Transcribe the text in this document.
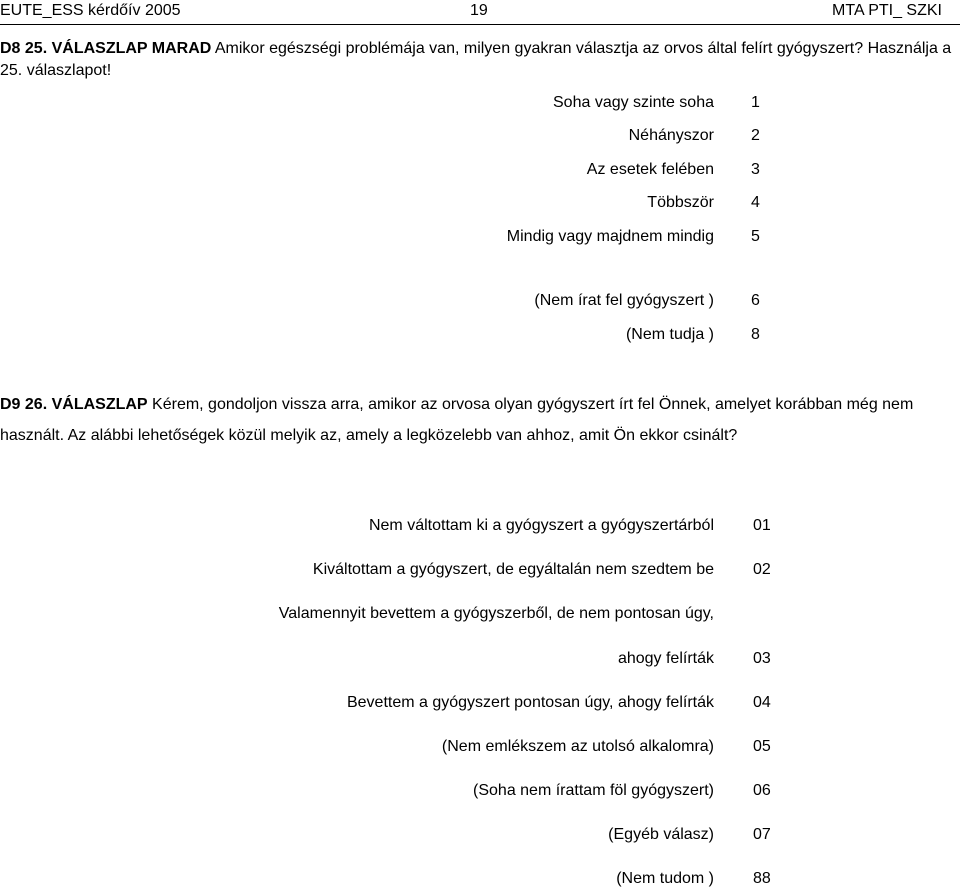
EUTE_ESS kérdőív 2005	19	MTA PTI_ SZKI
D8 25. VÁLASZLAP MARAD Amikor egészségi problémája van, milyen gyakran választja az orvos által felírt gyógyszert? Használja a 25. válaszlapot!
Soha vagy szinte soha 1
Néhányszor 2
Az esetek felében 3
Többször 4
Mindig vagy majdnem mindig 5
(Nem írat fel gyógyszert ) 6
(Nem tudja ) 8
D9 26. VÁLASZLAP Kérem, gondoljon vissza arra, amikor az orvosa olyan gyógyszert írt fel Önnek, amelyet korábban még nem használt. Az alábbi lehetőségek közül melyik az, amely a legközelebb van ahhoz, amit Ön ekkor csinált?
Nem váltottam ki a gyógyszert a gyógyszertárból 01
Kiváltottam a gyógyszert, de egyáltalán nem szedtem be 02
Valamennyit bevettem a gyógyszerből, de nem pontosan úgy,
ahogy felírták 03
Bevettem a gyógyszert pontosan úgy, ahogy felírták 04
(Nem emlékszem az utolsó alkalomra) 05
(Soha nem írattam föl gyógyszert) 06
(Egyéb válasz) 07
(Nem tudom ) 88
